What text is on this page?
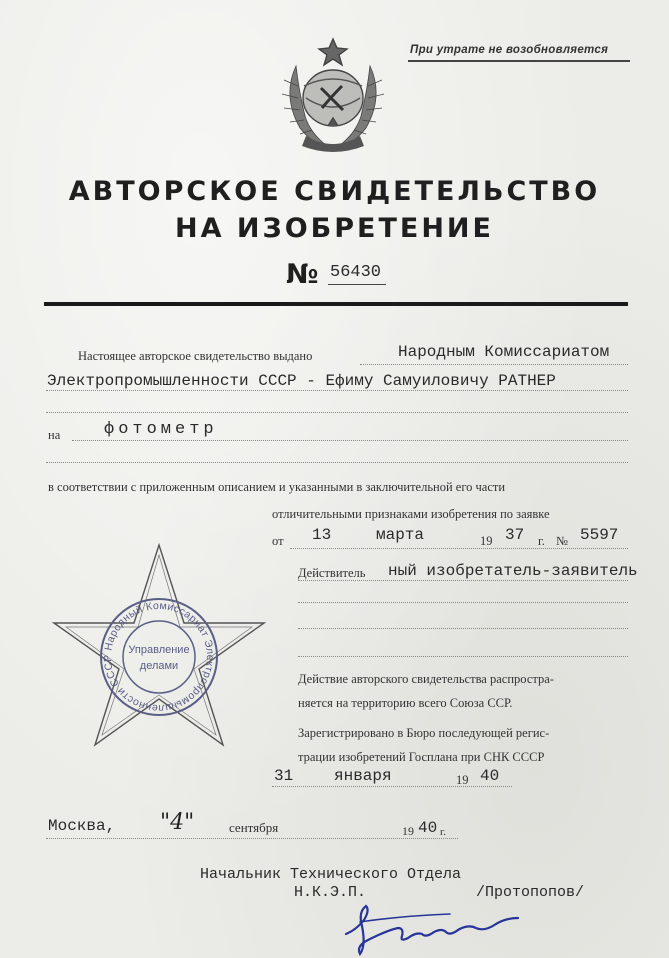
При утрате не возобновляется
АВТОРСКОЕ СВИДЕТЕЛЬСТВО
НА ИЗОБРЕТЕНИЕ
№ 56430
Настоящее авторское свидетельство выдано	Народным Комиссариатом
Электропромышленности СССР - Ефиму Самуиловичу РАТНЕР
на	фотометр
в соответствии с приложенным описанием и указанными в заключительной его части
отличительными признаками изобретения по заявке
от 13	марта	19 37 г. № 5597
Действитель ный изобретатель-заявитель
Действие авторского свидетельства распростра-
няется на территорию всего Союза ССР.
Зарегистрировано в Бюро последующей регис-
трации изобретений Госплана при СНК СССР
31	января	19 40
Москва, "4"	сентября	19 40 г.
Начальник Технического Отдела
Н.К.Э.П.	/Протопопов/
Народный Комиссариат Электропромышленности СССР
Управление
делами
